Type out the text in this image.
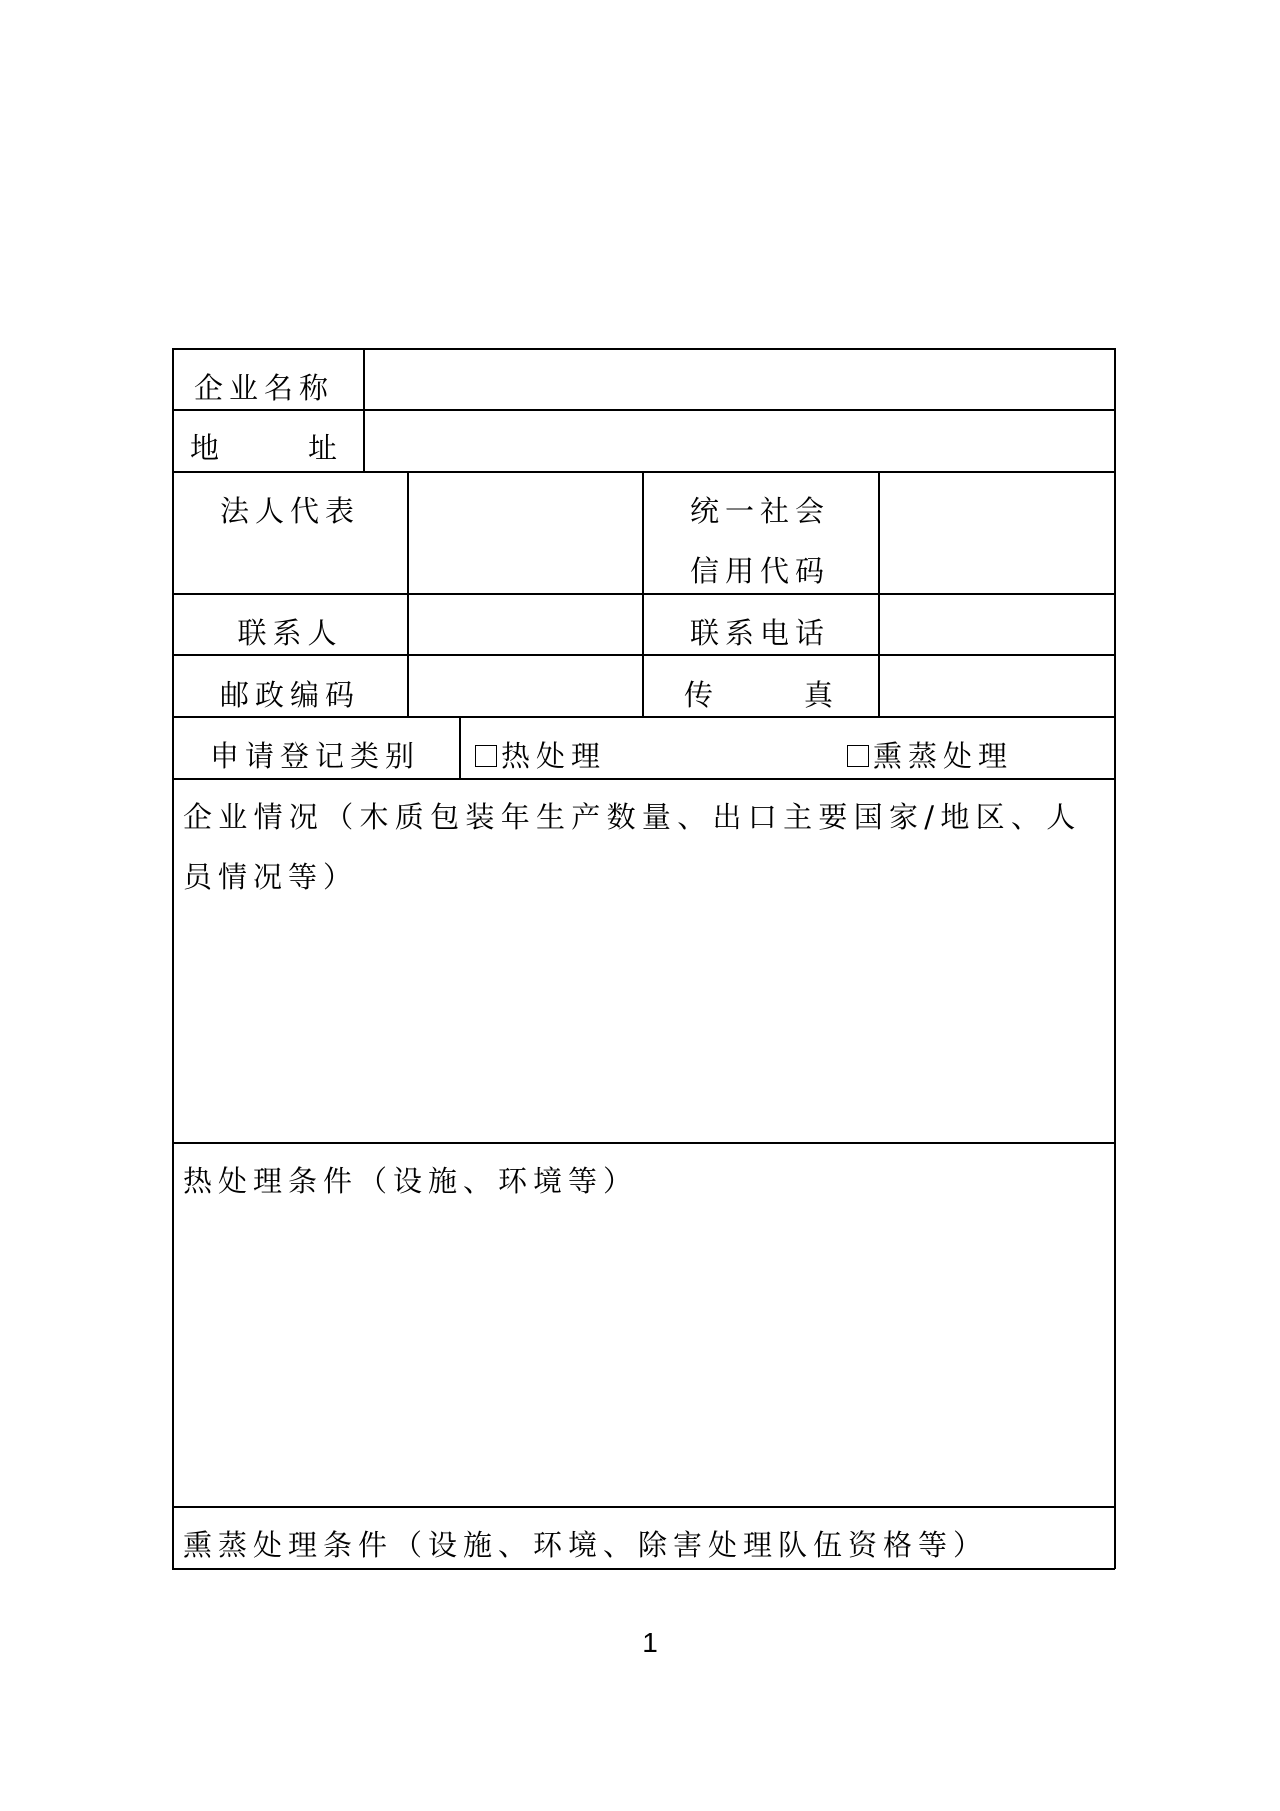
企业名称
地	址
法人代表	统一社会
信用代码
联系人	联系电话
邮政编码	传	真
申请登记类别	热处理	熏蒸处理
企业情况（木质包装年生产数量、出口主要国家/地区、人
员情况等）
热处理条件（设施、环境等）
熏蒸处理条件（设施、环境、除害处理队伍资格等）
1
